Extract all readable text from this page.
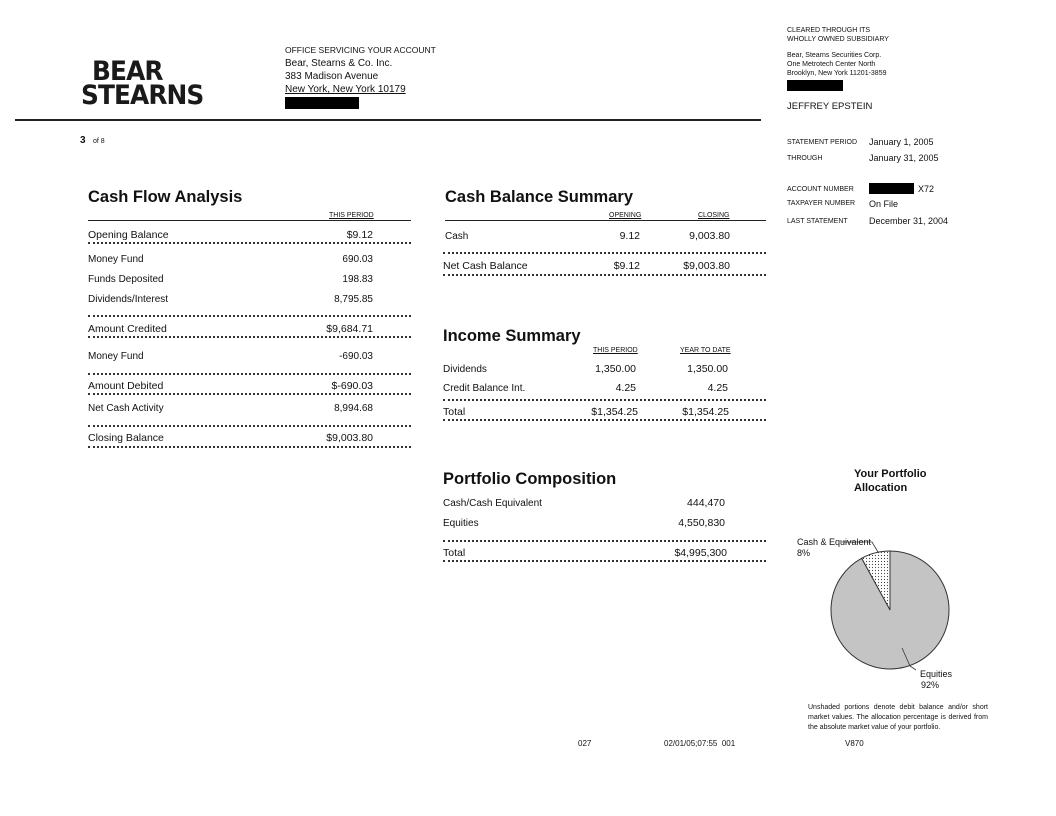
BEAR
STEARNS
OFFICE SERVICING YOUR ACCOUNT
Bear, Stearns & Co. Inc.
383 Madison Avenue
New York, New York 10179
CLEARED THROUGH ITS
WHOLLY OWNED SUBSIDIARY
Bear, Stearns Securities Corp.
One Metrotech Center North
Brooklyn, New York 11201-3859
JEFFREY EPSTEIN
3 of 8	STATEMENT PERIOD January 1, 2005
THROUGH	January 31, 2005
ACCOUNT NUMBER	X72
TAXPAYER NUMBER On File
LAST STATEMENT December 31, 2004
Cash Flow Analysis
THIS PERIOD
Opening Balance	$9.12
Money Fund	690.03
Funds Deposited	198.83
Dividends/Interest	8,795.85
Amount Credited	$9,684.71
Money Fund	-690.03
Amount Debited	$-690.03
Net Cash Activity	8,994.68
Closing Balance	$9,003.80
Cash Balance Summary
OPENING	CLOSING
Cash	9.12	9,003.80
Net Cash Balance	$9.12	$9,003.80
Income Summary
THIS PERIOD	YEAR TO DATE
Dividends	1,350.00	1,350.00
Credit Balance Int.	4.25	4.25
Total	$1,354.25	$1,354.25
Portfolio Composition
Cash/Cash Equivalent	444,470
Equities	4,550,830
Total	$4,995,300
Your Portfolio
Allocation
Cash & Equivalent
8%
Equities
92%
Unshaded portions denote debit balance and/or short market values. The allocation percentage is derived from the absolute market value of your portfolio.
027	02/01/05;07:55  001	V870
